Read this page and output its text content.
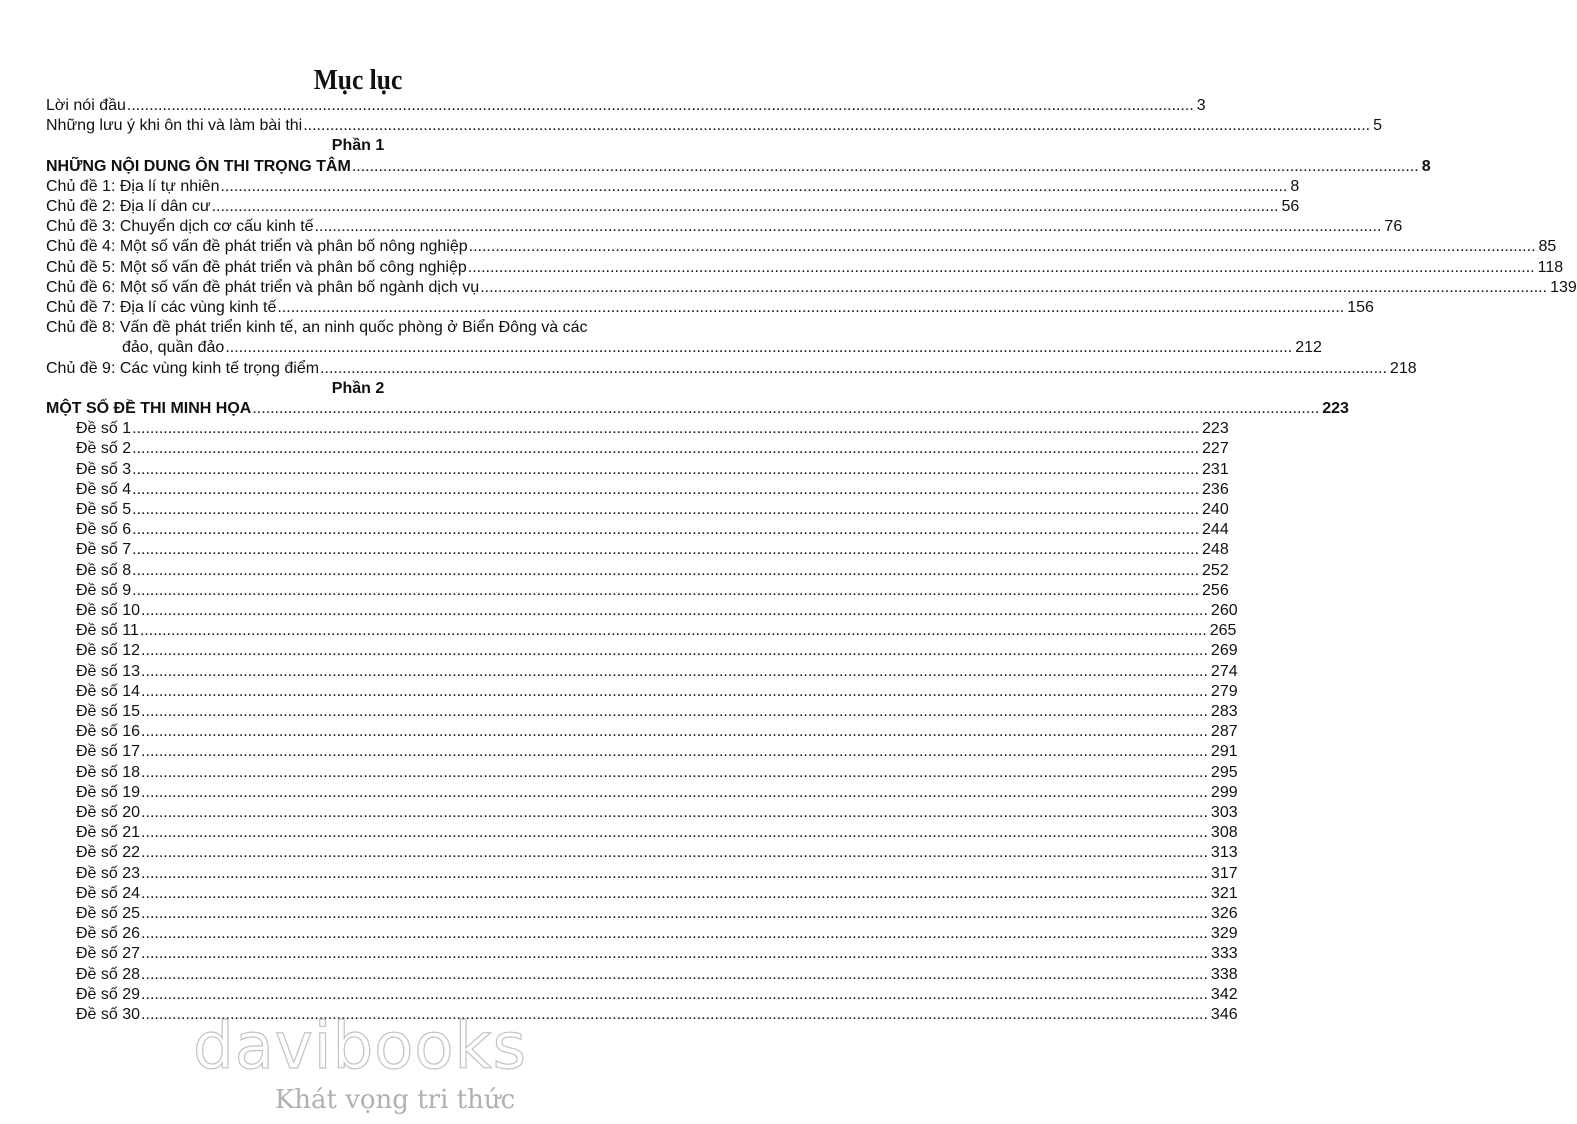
Mục lục
Lời nói đầu ................................................................................................................................................................................................................................................ 3
Những lưu ý khi ôn thi và làm bài thi ................................................................................................................................................................................................................................................ 5
Phần 1
NHỮNG NỘI DUNG ÔN THI TRỌNG TÂM ................................................................................................................................................................................................................................................ 8
Chủ đề 1: Địa lí tự nhiên ................................................................................................................................................................................................................................................ 8
Chủ đề 2: Địa lí dân cư ................................................................................................................................................................................................................................................ 56
Chủ đề 3: Chuyển dịch cơ cấu kinh tế ................................................................................................................................................................................................................................................ 76
Chủ đề 4: Một số vấn đề phát triển và phân bố nông nghiệp ................................................................................................................................................................................................................................................ 85
Chủ đề 5: Một số vấn đề phát triển và phân bố công nghiệp ................................................................................................................................................................................................................................................ 118
Chủ đề 6: Một số vấn đề phát triển và phân bố ngành dịch vụ ................................................................................................................................................................................................................................................ 139
Chủ đề 7: Địa lí các vùng kinh tế ................................................................................................................................................................................................................................................ 156
Chủ đề 8: Vấn đề phát triển kinh tế, an ninh quốc phòng ở Biển Đông và các
đảo, quần đảo ................................................................................................................................................................................................................................................ 212
Chủ đề 9: Các vùng kinh tế trọng điểm ................................................................................................................................................................................................................................................ 218
Phần 2
MỘT SỐ ĐỀ THI MINH HỌA ................................................................................................................................................................................................................................................ 223
Đề số 1 ................................................................................................................................................................................................................................................ 223
Đề số 2 ................................................................................................................................................................................................................................................ 227
Đề số 3 ................................................................................................................................................................................................................................................ 231
Đề số 4 ................................................................................................................................................................................................................................................ 236
Đề số 5 ................................................................................................................................................................................................................................................ 240
Đề số 6 ................................................................................................................................................................................................................................................ 244
Đề số 7 ................................................................................................................................................................................................................................................ 248
Đề số 8 ................................................................................................................................................................................................................................................ 252
Đề số 9 ................................................................................................................................................................................................................................................ 256
Đề số 10 ................................................................................................................................................................................................................................................ 260
Đề số 11 ................................................................................................................................................................................................................................................ 265
Đề số 12 ................................................................................................................................................................................................................................................ 269
Đề số 13 ................................................................................................................................................................................................................................................ 274
Đề số 14 ................................................................................................................................................................................................................................................ 279
Đề số 15 ................................................................................................................................................................................................................................................ 283
Đề số 16 ................................................................................................................................................................................................................................................ 287
Đề số 17 ................................................................................................................................................................................................................................................ 291
Đề số 18 ................................................................................................................................................................................................................................................ 295
Đề số 19 ................................................................................................................................................................................................................................................ 299
Đề số 20 ................................................................................................................................................................................................................................................ 303
Đề số 21 ................................................................................................................................................................................................................................................ 308
Đề số 22 ................................................................................................................................................................................................................................................ 313
Đề số 23 ................................................................................................................................................................................................................................................ 317
Đề số 24 ................................................................................................................................................................................................................................................ 321
Đề số 25 ................................................................................................................................................................................................................................................ 326
Đề số 26 ................................................................................................................................................................................................................................................ 329
Đề số 27 ................................................................................................................................................................................................................................................ 333
Đề số 28 ................................................................................................................................................................................................................................................ 338
Đề số 29 ................................................................................................................................................................................................................................................ 342
Đề số 30 ................................................................................................................................................................................................................................................ 346
davibooks
Khát vọng tri thức
